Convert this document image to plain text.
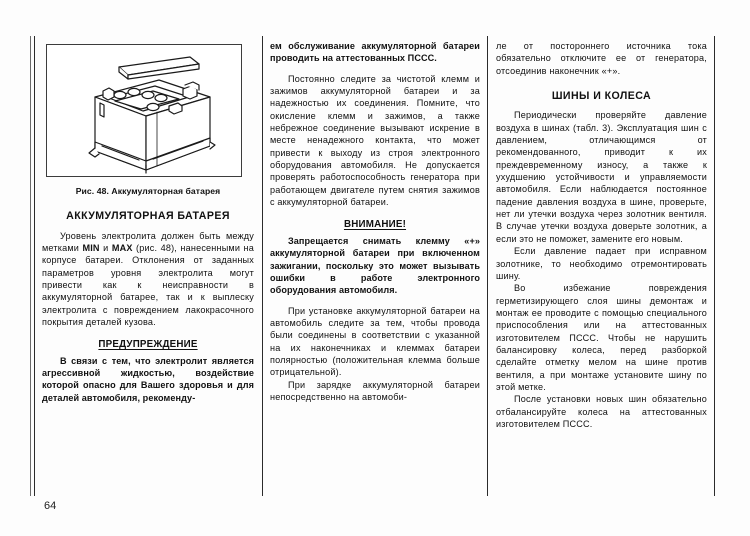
Рис. 48. Аккумуляторная батарея
АККУМУЛЯТОРНАЯ БАТАРЕЯ

Уровень электролита должен быть между метками MIN и MAX (рис. 48), нанесенными на корпусе батареи. Отклонения от заданных параметров уровня электролита могут привести как к неисправности в аккумуляторной батарее, так и к выплеску электролита с повреждением лакокрасочного покрытия деталей кузова.

ПРЕДУПРЕЖДЕНИЕ

В связи с тем, что электролит является агрессивной жидкостью, воздействие которой опасно для Вашего здоровья и для деталей автомобиля, рекоменду-

ем обслуживание аккумуляторной батареи проводить на аттестованных ПССС.

Постоянно следите за чистотой клемм и зажимов аккумуляторной батареи и за надежностью их соединения. Помните, что окисление клемм и зажимов, а также небрежное соединение вызывают искрение в месте ненадежного контакта, что может привести к выходу из строя электронного оборудования автомобиля. Не допускается проверять работоспособность генератора при работающем двигателе путем снятия зажимов с аккумуляторной батареи.

ВНИМАНИЕ!

Запрещается снимать клемму «+» аккумуляторной батареи при включенном зажигании, поскольку это может вызывать ошибки в работе электронного оборудования автомобиля.

При установке аккумуляторной батареи на автомобиль следите за тем, чтобы провода были соединены в соответствии с указанной на их наконечниках и клеммах батареи полярностью (положительная клемма больше отрицательной).

При зарядке аккумуляторной батареи непосредственно на автомоби-

ле от постороннего источника тока обязательно отключите ее от генератора, отсоединив наконечник «+».

ШИНЫ И КОЛЕСА

Периодически проверяйте давление воздуха в шинах (табл. 3). Эксплуатация шин с давлением, отличающимся от рекомендованного, приводит к их преждевременному износу, а также к ухудшению устойчивости и управляемости автомобиля. Если наблюдается постоянное падение давления воздуха в шине, проверьте, нет ли утечки воздуха через золотник вентиля. В случае утечки воздуха доверьте золотник, а если это не поможет, замените его новым.

Если давление падает при исправном золотнике, то необходимо отремонтировать шину.

Во избежание повреждения герметизирующего слоя шины демонтаж и монтаж ее проводите с помощью специального приспособления или на аттестованных изготовителем ПССС. Чтобы не нарушить балансировку колеса, перед разборкой сделайте отметку мелом на шине против вентиля, а при монтаже установите шину по этой метке.

После установки новых шин обязательно отбалансируйте колеса на аттестованных изготовителем ПССС.

64
